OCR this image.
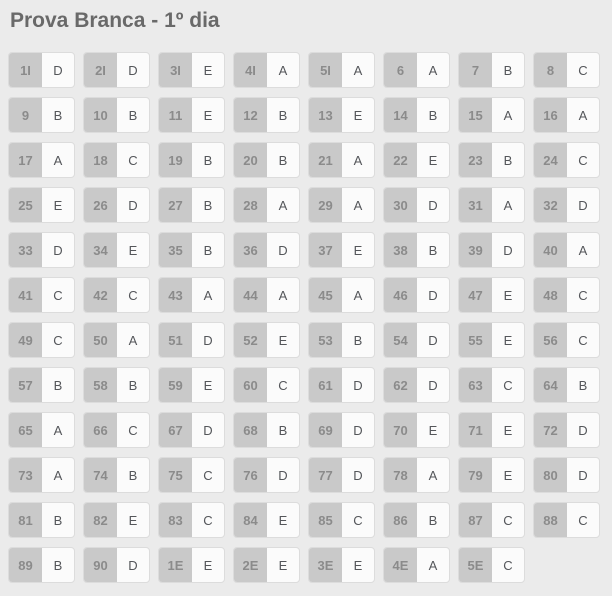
Prova Branca - 1º dia
1I	D	2I	D	3I	E	4I	A	5I	A	6	A	7	B	8	C
9	B	10	B	11	E	12	B	13	E	14	B	15	A	16	A
17	A	18	C	19	B	20	B	21	A	22	E	23	B	24	C
25	E	26	D	27	B	28	A	29	A	30	D	31	A	32	D
33	D	34	E	35	B	36	D	37	E	38	B	39	D	40	A
41	C	42	C	43	A	44	A	45	A	46	D	47	E	48	C
49	C	50	A	51	D	52	E	53	B	54	D	55	E	56	C
57	B	58	B	59	E	60	C	61	D	62	D	63	C	64	B
65	A	66	C	67	D	68	B	69	D	70	E	71	E	72	D
73	A	74	B	75	C	76	D	77	D	78	A	79	E	80	D
81	B	82	E	83	C	84	E	85	C	86	B	87	C	88	C
89	B	90	D	1E	E	2E	E	3E	E	4E	A	5E	C
